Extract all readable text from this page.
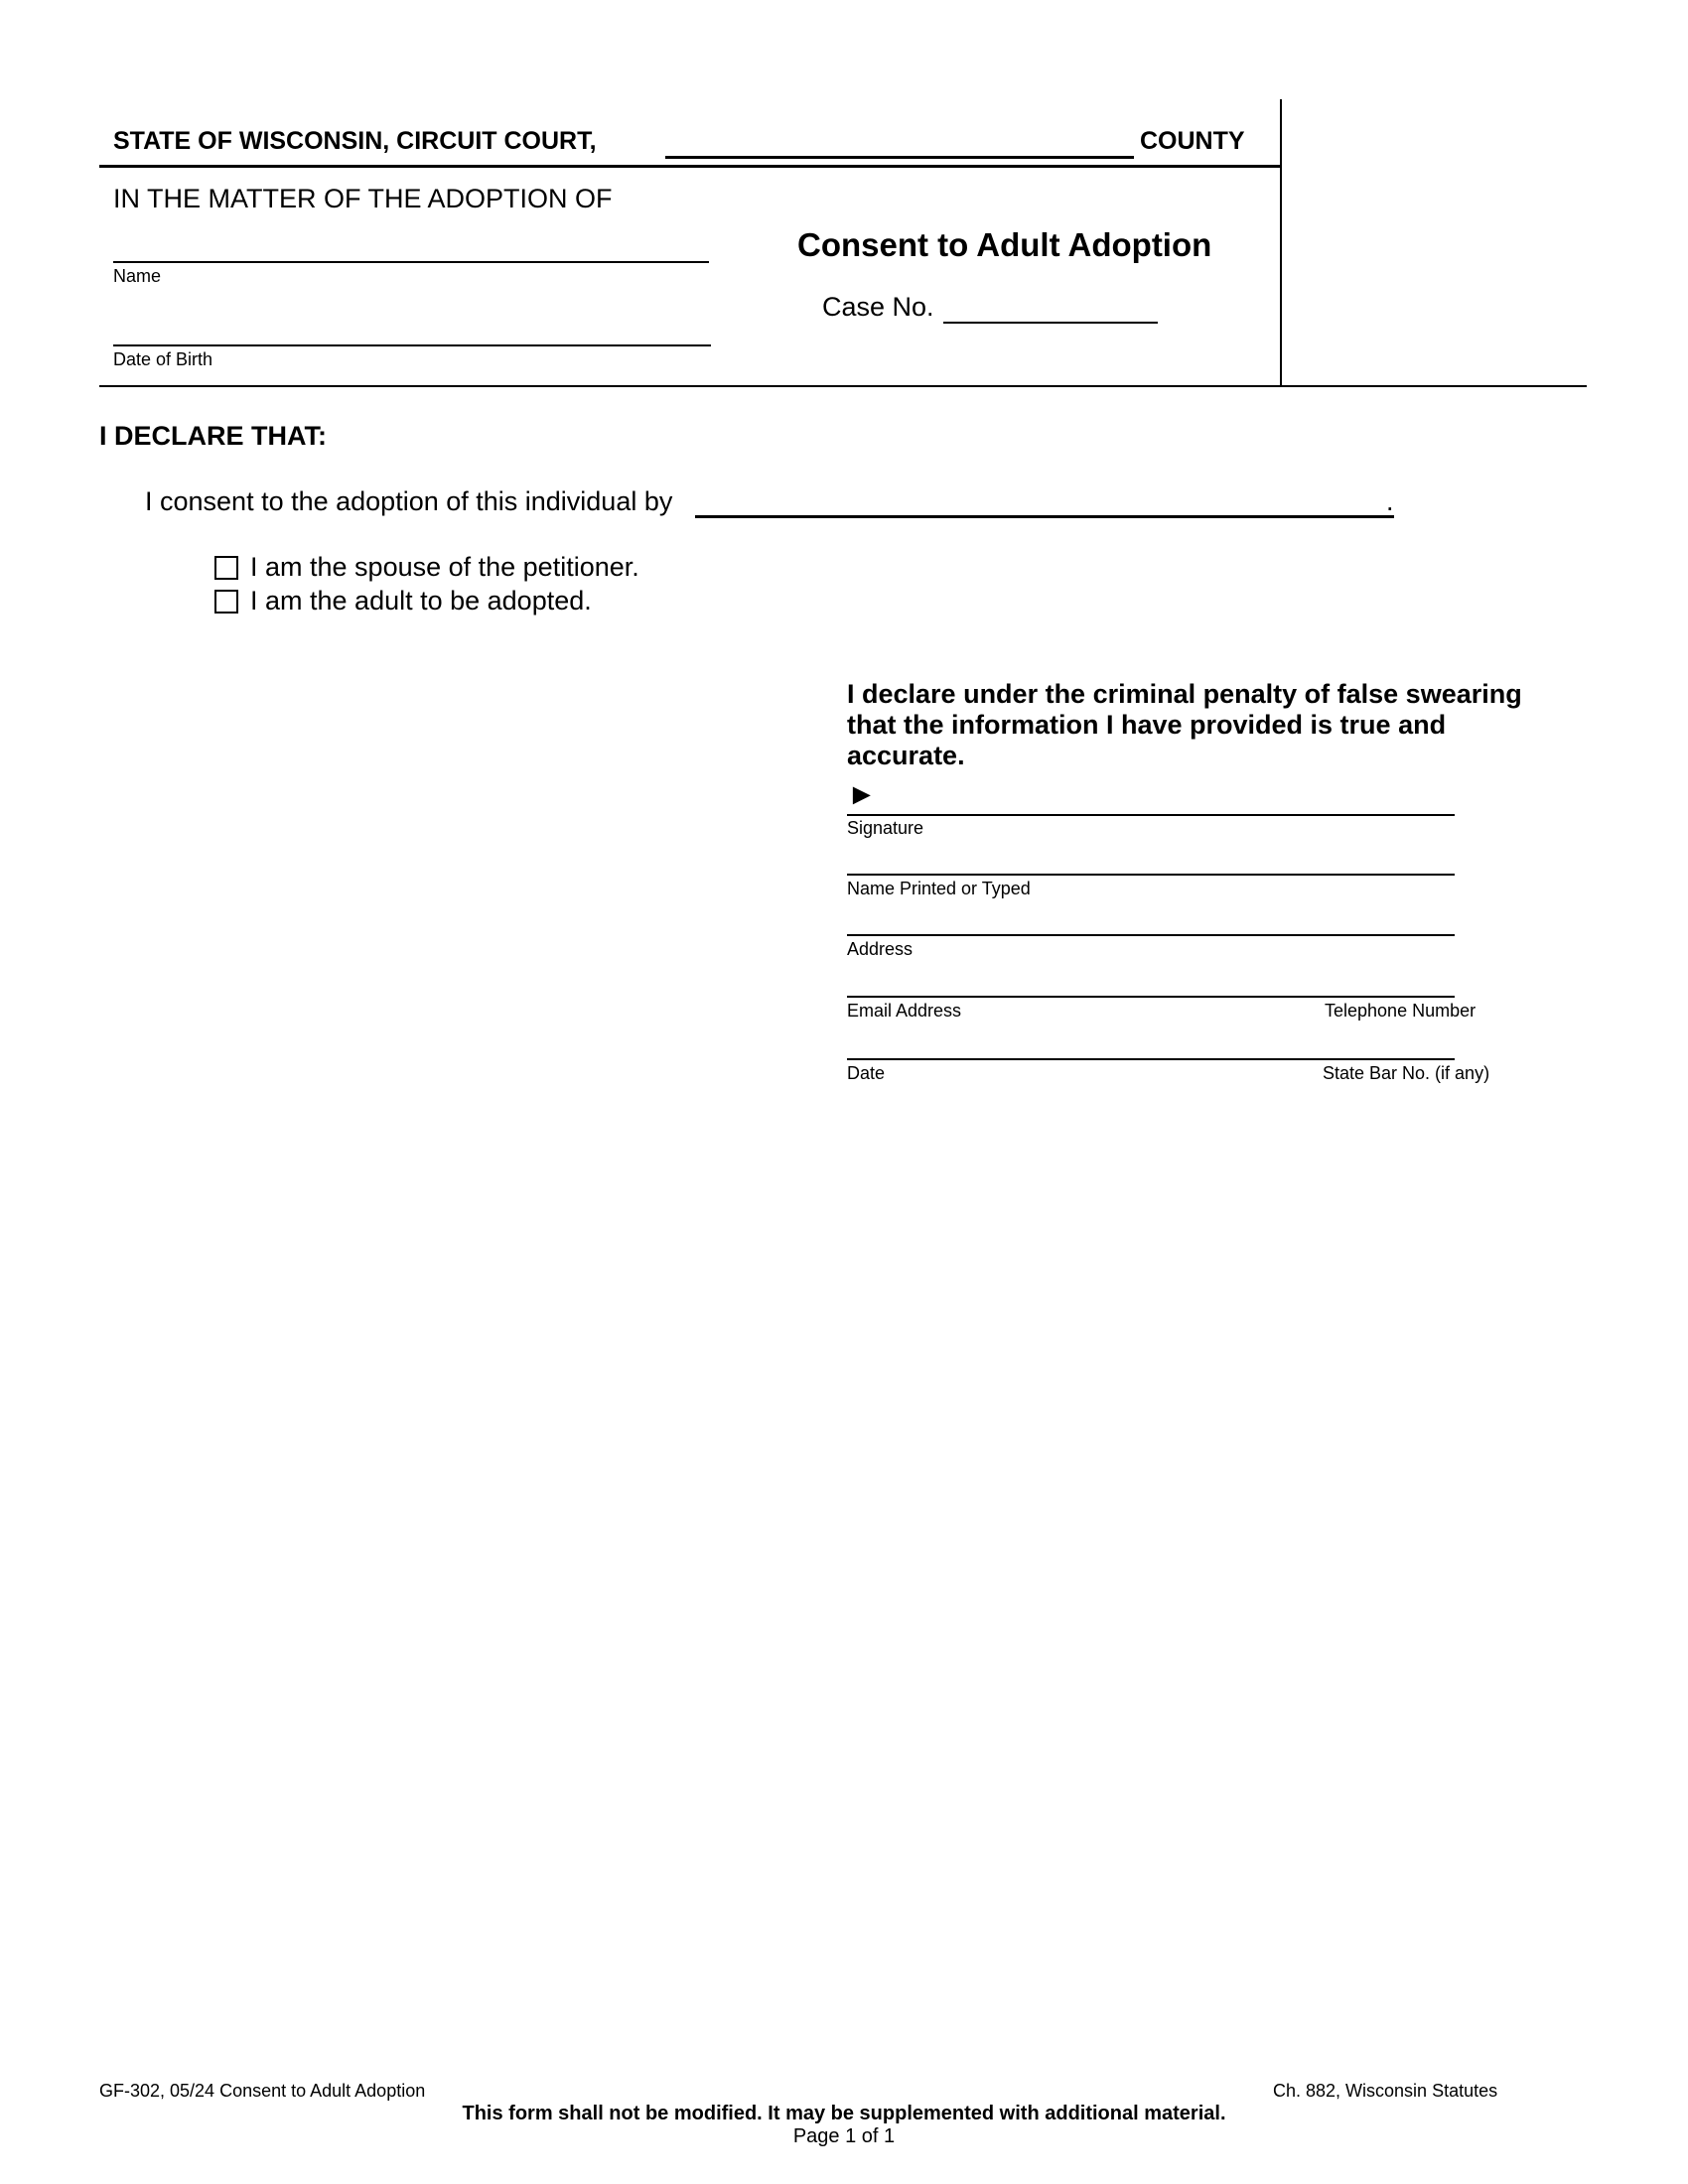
STATE OF WISCONSIN, CIRCUIT COURT,	COUNTY
IN THE MATTER OF THE ADOPTION OF
Name
Date of Birth
Consent to Adult Adoption
Case No.
I DECLARE THAT:
I consent to the adoption of this individual by	.
I am the spouse of the petitioner.
I am the adult to be adopted.
I declare under the criminal penalty of false swearing that the information I have provided is true and accurate.
►
Signature
Name Printed or Typed
Address
Email Address	Telephone Number
Date	State Bar No. (if any)
GF-302, 05/24 Consent to Adult Adoption	Ch. 882, Wisconsin Statutes
This form shall not be modified. It may be supplemented with additional material.
Page 1 of 1
